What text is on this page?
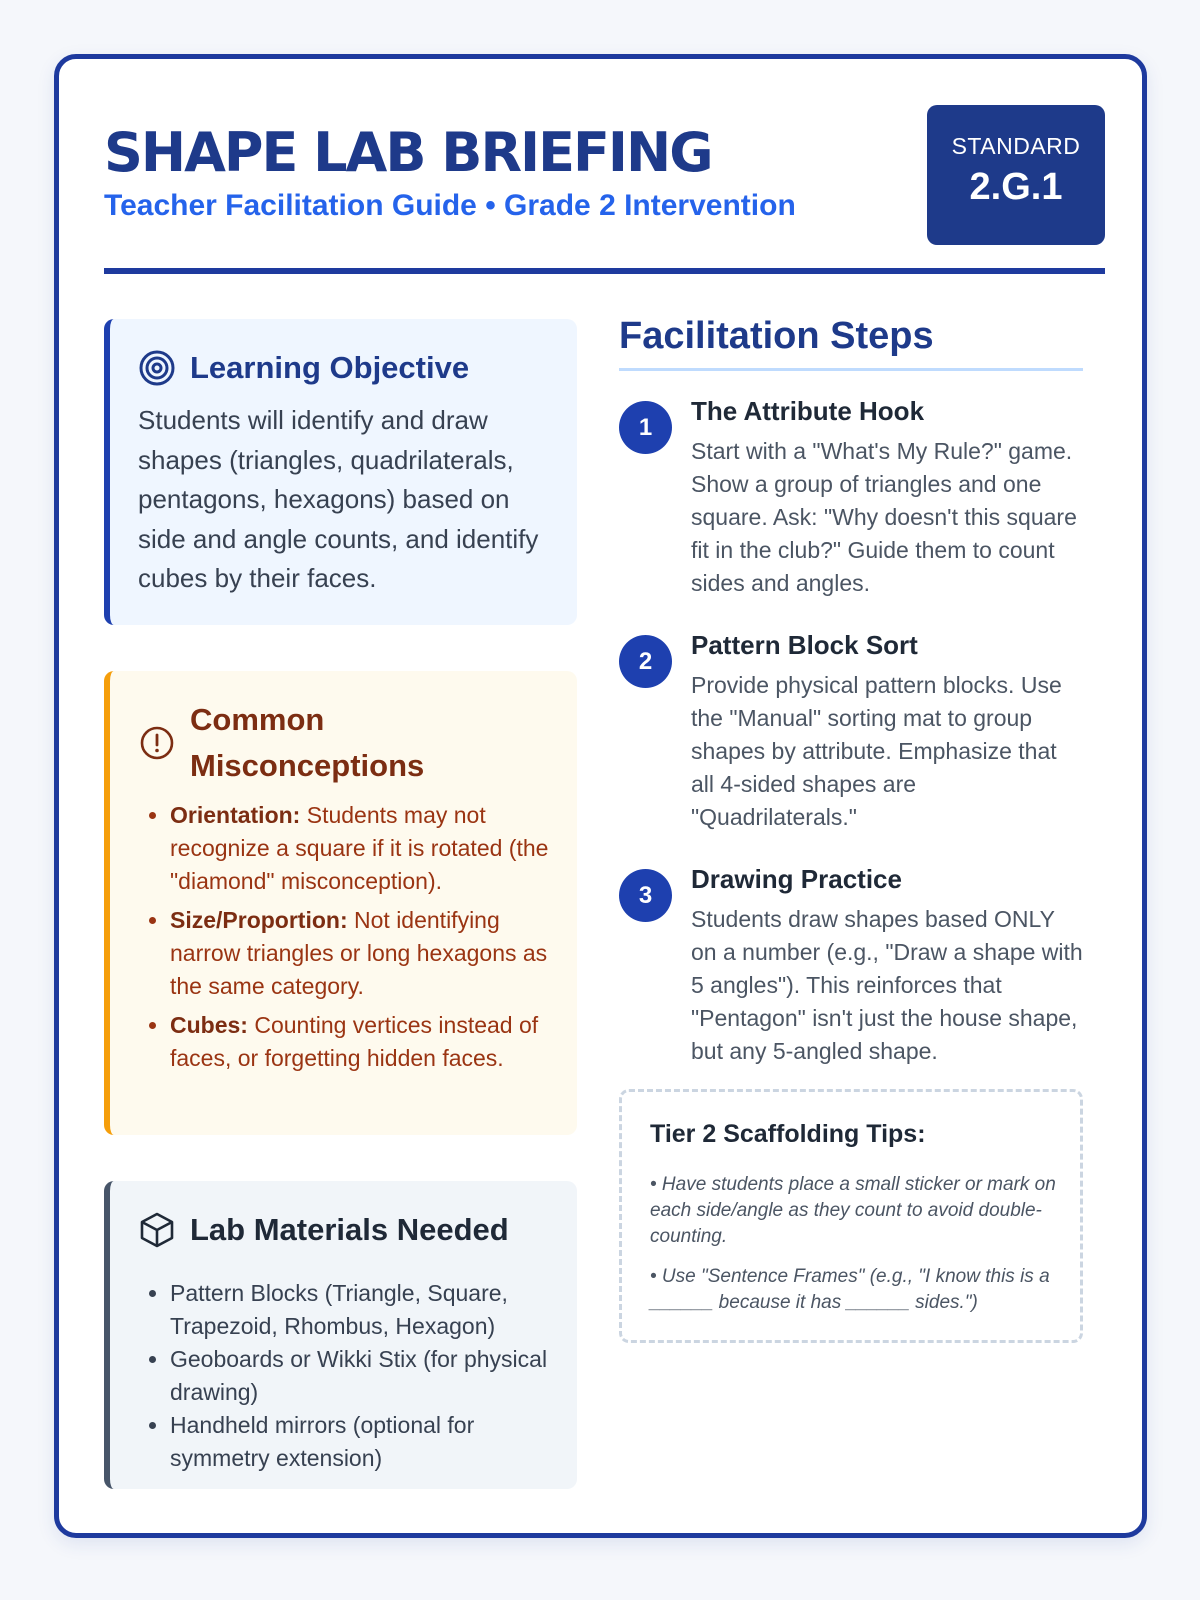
SHAPE LAB BRIEFING
Teacher Facilitation Guide • Grade 2 Intervention
STANDARD
2.G.1
Learning Objective

Students will identify and draw shapes (triangles, quadrilaterals, pentagons, hexagons) based on side and angle counts, and identify cubes by their faces.

Common Misconceptions
• Orientation: Students may not recognize a square if it is rotated (the "diamond" misconception).
• Size/Proportion: Not identifying narrow triangles or long hexagons as the same category.
• Cubes: Counting vertices instead of faces, or forgetting hidden faces.
Lab Materials Needed
• Pattern Blocks (Triangle, Square, Trapezoid, Rhombus, Hexagon)
• Geoboards or Wikki Stix (for physical drawing)
• Handheld mirrors (optional for symmetry extension)
Facilitation Steps
1
The Attribute Hook

Start with a "What's My Rule?" game. Show a group of triangles and one square. Ask: "Why doesn't this square fit in the club?" Guide them to count sides and angles.

2
Pattern Block Sort

Provide physical pattern blocks. Use the "Manual" sorting mat to group shapes by attribute. Emphasize that all 4-sided shapes are "Quadrilaterals."

3
Drawing Practice

Students draw shapes based ONLY on a number (e.g., "Draw a shape with 5 angles"). This reinforces that "Pentagon" isn't just the house shape, but any 5-angled shape.

Tier 2 Scaffolding Tips:

• Have students place a small sticker or mark on each side/angle as they count to avoid double-counting.

• Use "Sentence Frames" (e.g., "I know this is a ______ because it has ______ sides.")
